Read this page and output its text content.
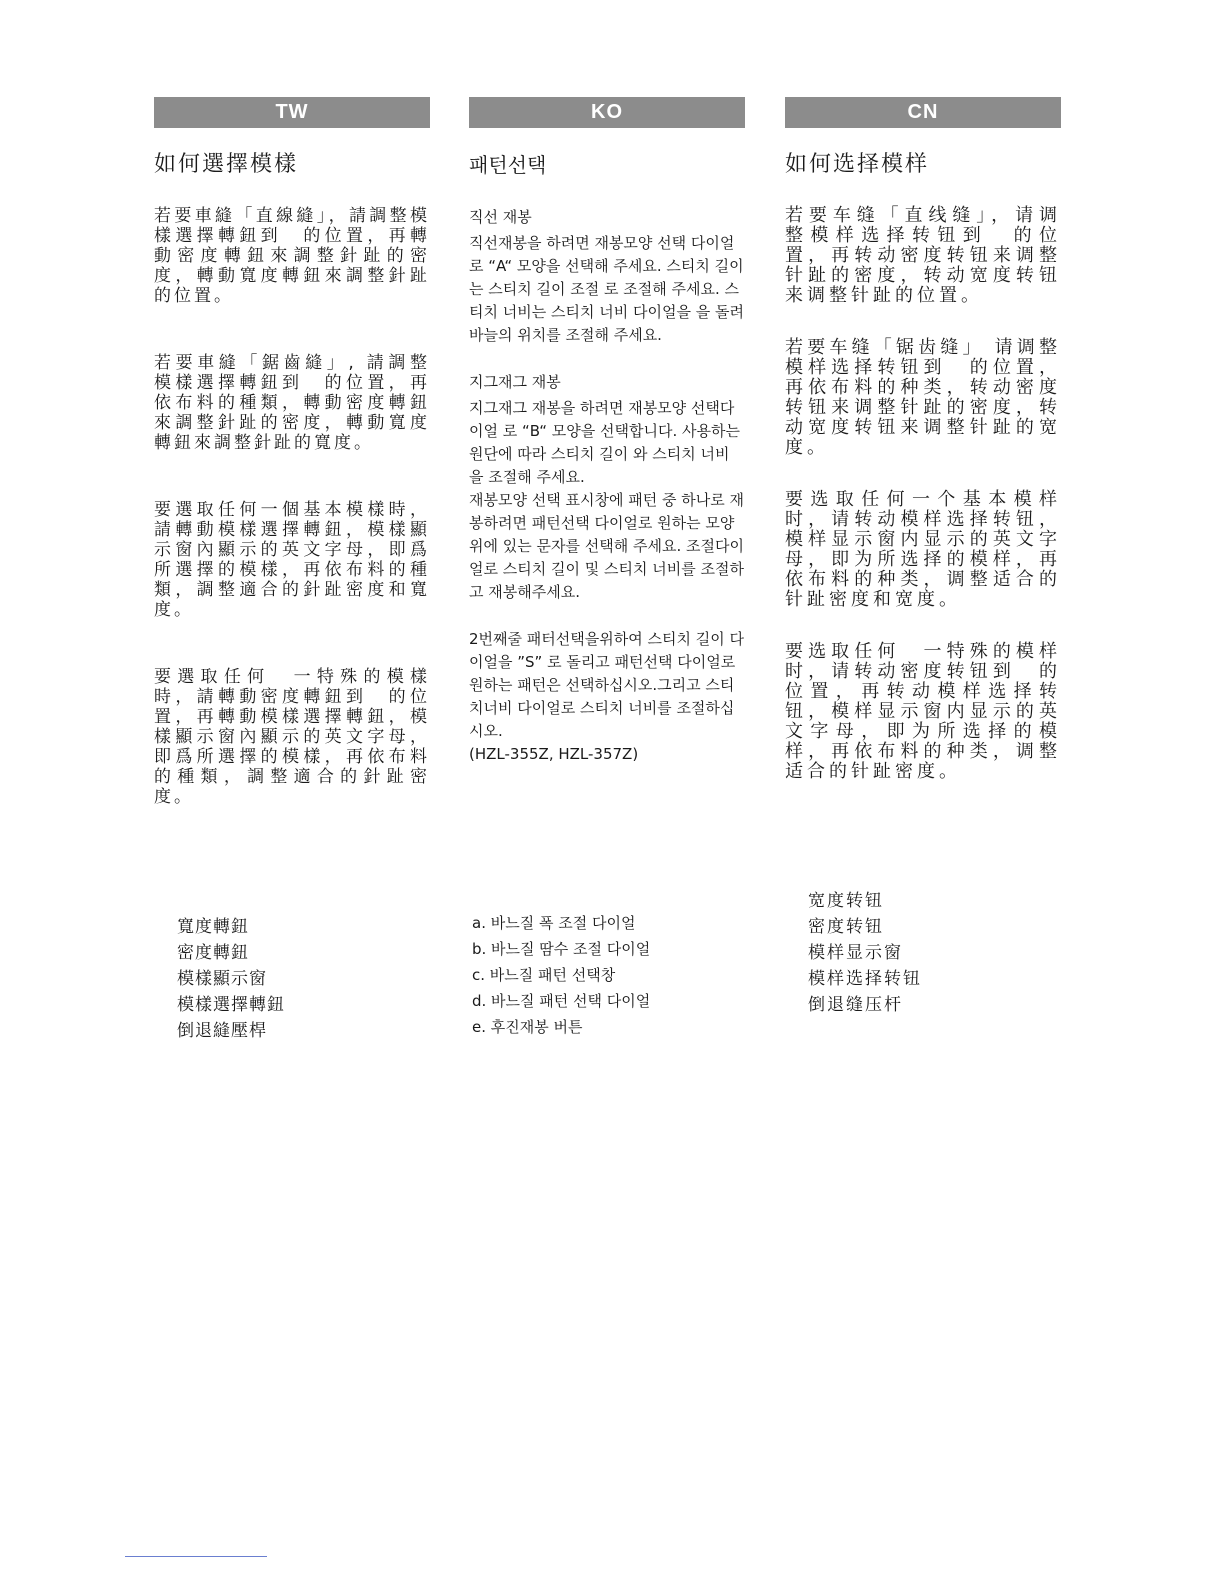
TW
如何選擇模樣

若要車縫「直線縫」，請調整模樣選擇轉鈕到　的位置，再轉動密度轉鈕來調整針趾的密度，轉動寬度轉鈕來調整針趾的位置。

若要車縫「鋸齒縫」, 請調整模樣選擇轉鈕到　的位置，再依布料的種類，轉動密度轉鈕來調整針趾的密度，轉動寬度轉鈕來調整針趾的寬度。

要選取任何一個基本模樣時，請轉動模樣選擇轉鈕，模樣顯示窗內顯示的英文字母，即爲所選擇的模樣，再依布料的種類，調整適合的針趾密度和寬度。

要選取任何　一特殊的模樣時，請轉動密度轉鈕到　的位置，再轉動模樣選擇轉鈕，模樣顯示窗內顯示的英文字母，即爲所選擇的模樣，再依布料的種類，調整適合的針趾密度。

KO
패턴선택
직선 재봉

직선재봉을 하려면 재봉모양 선택 다이얼 로 “A“ 모양을 선택해 주세요. 스티치 길이는 스티치 길이 조절 로 조절해 주세요. 스티치 너비는 스티치 너비 다이얼을 을 돌려 바늘의 위치를 조절해 주세요.

지그재그 재봉

지그재그 재봉을 하려면 재봉모양 선택다이얼 로 “B“ 모양을 선택합니다. 사용하는 원단에 따라 스티치 길이 와 스티치 너비 을 조절해 주세요.

재봉모양 선택 표시창에 패턴 중 하나로 재봉하려면 패턴선택 다이얼로 원하는 모양 위에 있는 문자를 선택해 주세요. 조절다이얼로 스티치 길이 및 스티치 너비를 조절하고 재봉해주세요.

2번째줄 패터선택을위하여 스티치 길이 다이얼을 ”S” 로 돌리고 패턴선택 다이얼로 원하는 패턴은 선택하십시오.그리고 스티치너비 다이얼로 스티치 너비를 조절하십시오.

(HZL-355Z, HZL-357Z)

CN
如何选择模样

若要车缝「直线缝」，请调整模样选择转钮到　的位置，再转动密度转钮来调整针趾的密度，转动宽度转钮来调整针趾的位置。

若要车缝「锯齿缝」 请调整模样选择转钮到　的位置，再依布料的种类，转动密度转钮来调整针趾的密度，转动宽度转钮来调整针趾的宽度。

要选取任何一个基本模样时，请转动模样选择转钮，模样显示窗内显示的英文字母，即为所选择的模样，再依布料的种类，调整适合的针趾密度和宽度。

要选取任何　一特殊的模样时，请转动密度转钮到　的位置，再转动模样选择转钮，模样显示窗内显示的英文字母，即为所选择的模样，再依布料的种类，调整适合的针趾密度。

寬度轉鈕
密度轉鈕
模樣顯示窗
模樣選擇轉鈕
倒退縫壓桿
a. 바느질 폭 조절 다이얼
b. 바느질 땀수 조절 다이얼
c. 바느질 패턴 선택창
d. 바느질 패턴 선택 다이얼
e. 후진재봉 버튼
宽度转钮
密度转钮
模样显示窗
模样选择转钮
倒退缝压杆
